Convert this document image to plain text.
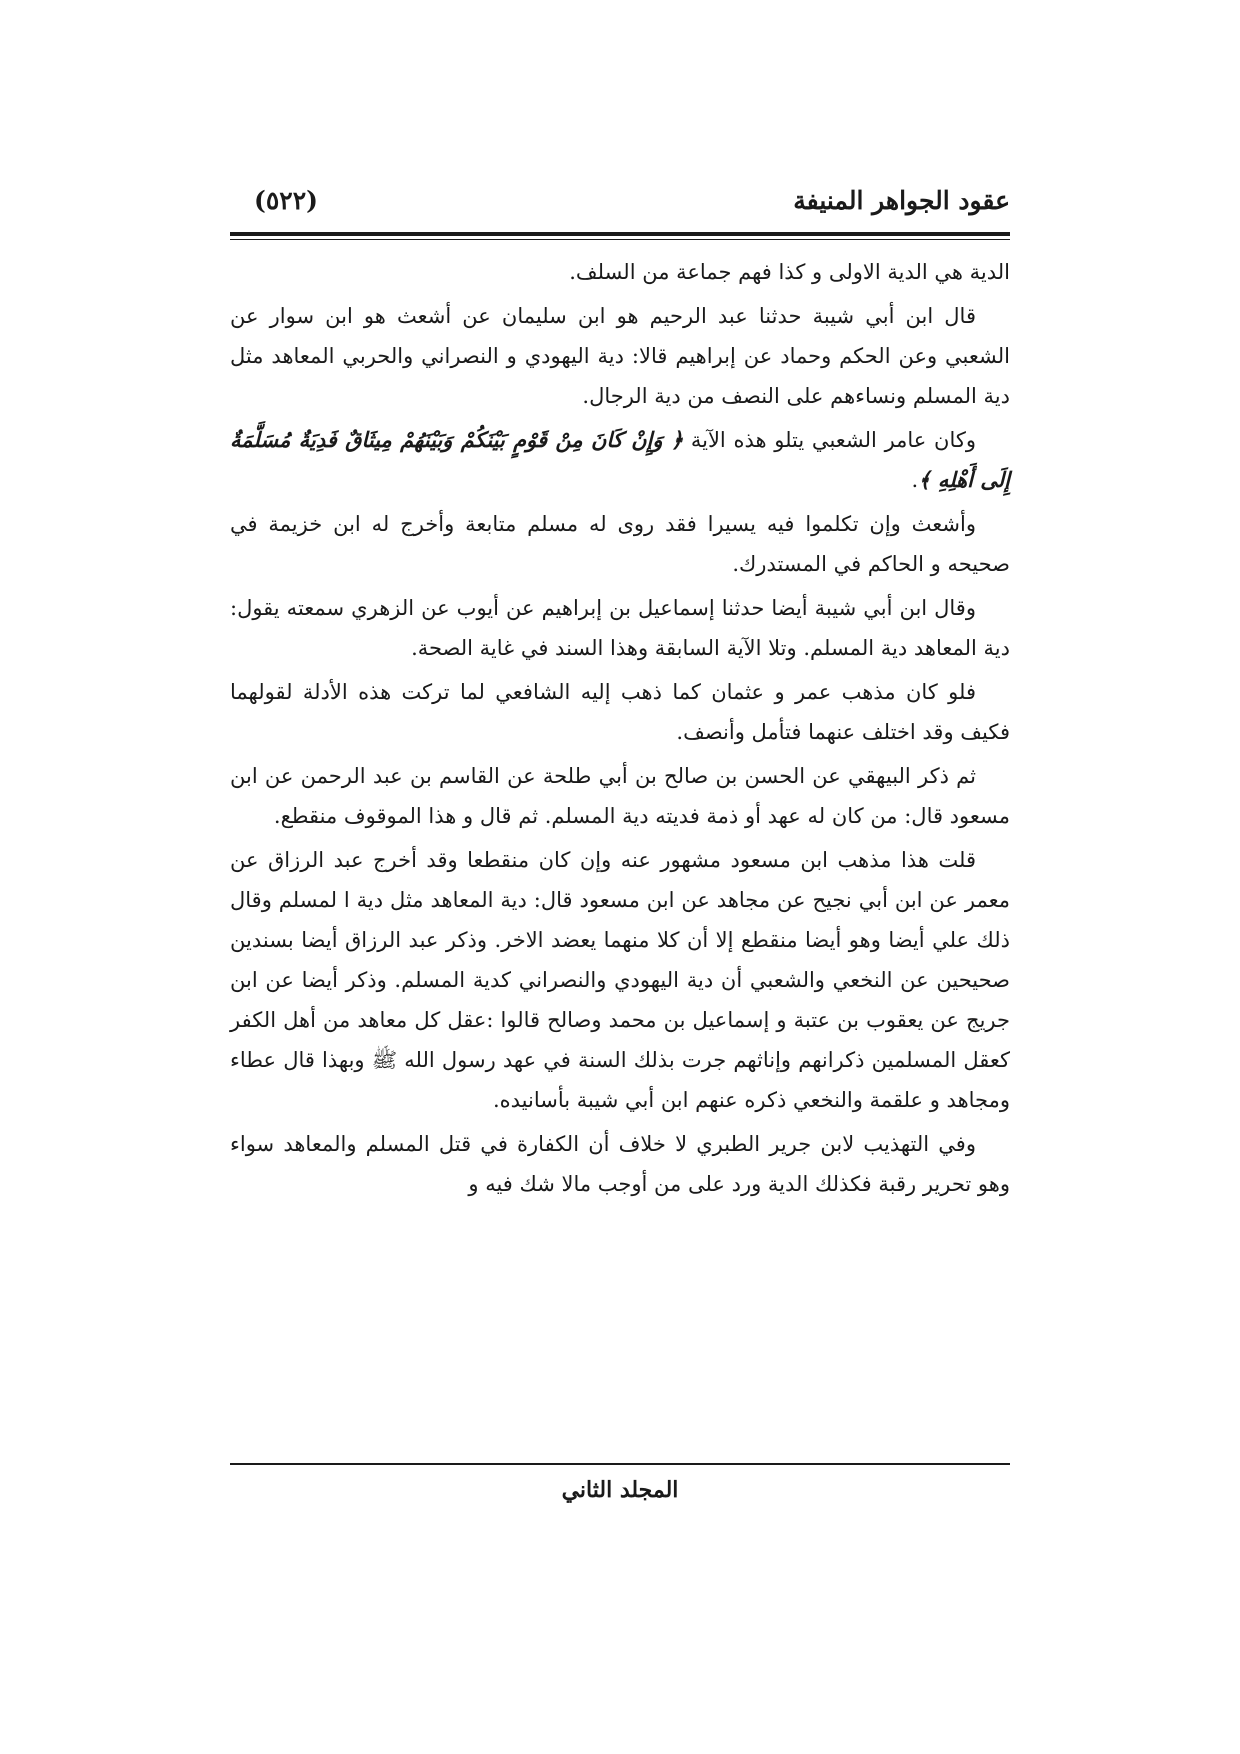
عقود الجواهر المنيفة
(٥٢٢)

الدية هي الدية الاولى و كذا فهم جماعة من السلف.

قال ابن أبي شيبة حدثنا عبد الرحيم هو ابن سليمان عن أشعث هو ابن سوار عن الشعبي وعن الحكم وحماد عن إبراهيم قالا: دية اليهودي و النصراني والحربي المعاهد مثل دية المسلم ونساءهم على النصف من دية الرجال.

وكان عامر الشعبي يتلو هذه الآية ﴿ وَإِنْ كَانَ مِنْ قَوْمٍ بَيْنَكُمْ وَبَيْنَهُمْ مِيثَاقٌ فَدِيَةٌ مُسَلَّمَةٌ إِلَى أَهْلِهِ ﴾.

وأشعث وإن تكلموا فيه يسيرا فقد روى له مسلم متابعة وأخرج له ابن خزيمة في صحيحه و الحاكم في المستدرك.

وقال ابن أبي شيبة أيضا حدثنا إسماعيل بن إبراهيم عن أيوب عن الزهري سمعته يقول: دية المعاهد دية المسلم. وتلا الآية السابقة وهذا السند في غاية الصحة.

فلو كان مذهب عمر و عثمان كما ذهب إليه الشافعي لما تركت هذه الأدلة لقولهما فكيف وقد اختلف عنهما فتأمل وأنصف.

ثم ذكر البيهقي عن الحسن بن صالح بن أبي طلحة عن القاسم بن عبد الرحمن عن ابن مسعود قال: من كان له عهد أو ذمة فديته دية المسلم. ثم قال و هذا الموقوف منقطع.

قلت هذا مذهب ابن مسعود مشهور عنه وإن كان منقطعا وقد أخرج عبد الرزاق عن معمر عن ابن أبي نجيح عن مجاهد عن ابن مسعود قال: دية المعاهد مثل دية ا لمسلم وقال ذلك علي أيضا وهو أيضا منقطع إلا أن كلا منهما يعضد الاخر. وذكر عبد الرزاق أيضا بسندين صحيحين عن النخعي والشعبي أن دية اليهودي والنصراني كدية المسلم. وذكر أيضا عن ابن جريج عن يعقوب بن عتبة و إسماعيل بن محمد وصالح قالوا :عقل كل معاهد من أهل الكفر كعقل المسلمين ذكرانهم وإناثهم جرت بذلك السنة في عهد رسول الله ﷺ وبهذا قال عطاء ومجاهد و علقمة والنخعي ذكره عنهم ابن أبي شيبة بأسانيده.

وفي التهذيب لابن جرير الطبري لا خلاف أن الكفارة في قتل المسلم والمعاهد سواء وهو تحرير رقبة فكذلك الدية ورد على من أوجب مالا شك فيه و

المجلد الثاني
